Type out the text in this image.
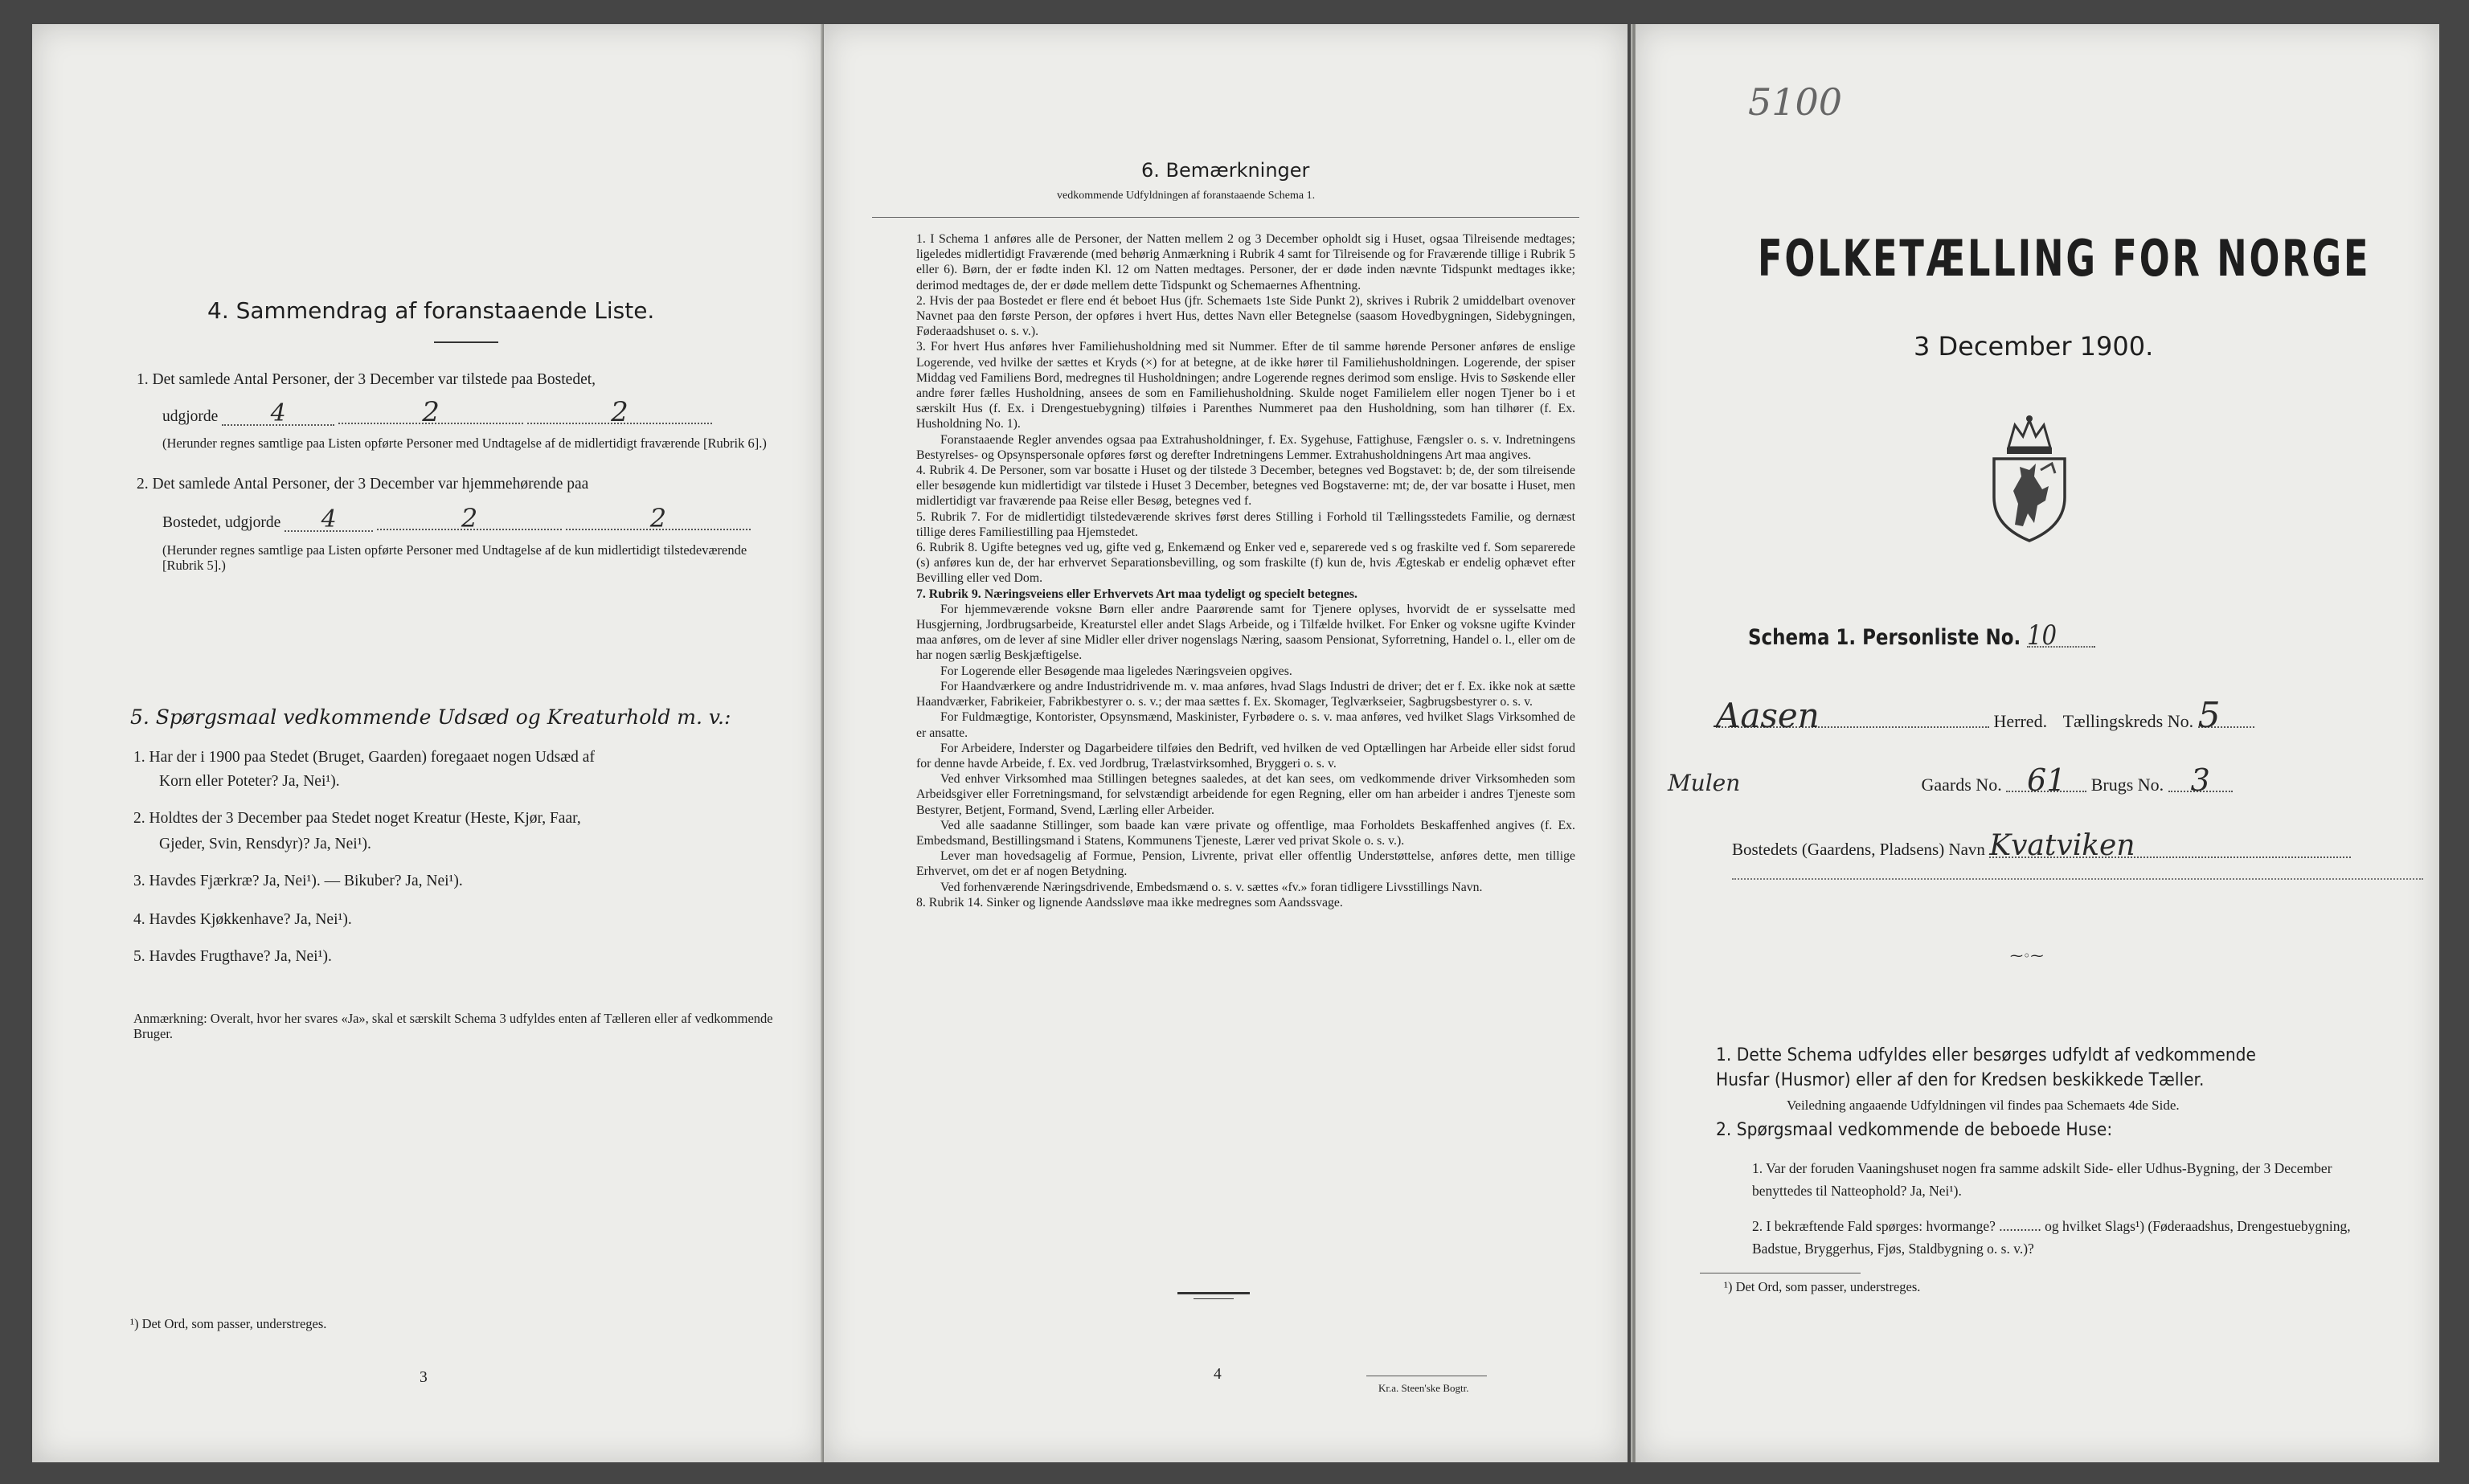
4. Sammendrag af foranstaaende Liste.
1. Det samlede Antal Personer, der 3 December var tilstede paa Bostedet,
udgjorde 4	2	2
(Herunder regnes samtlige paa Listen opførte Personer med Undtagelse af de midlertidigt fraværende [Rubrik 6].)
2. Det samlede Antal Personer, der 3 December var hjemmehørende paa
Bostedet, udgjorde 4	2	2
(Herunder regnes samtlige paa Listen opførte Personer med Undtagelse af de kun midlertidigt tilstedeværende [Rubrik 5].)
5. Spørgsmaal vedkommende Udsæd og Kreaturhold m. v.:
1. Har der i 1900 paa Stedet (Bruget, Gaarden) foregaaet nogen Udsæd af
Korn eller Poteter? Ja, Nei¹).
2. Holdtes der 3 December paa Stedet noget Kreatur (Heste, Kjør, Faar,
Gjeder, Svin, Rensdyr)? Ja, Nei¹).
3. Havdes Fjærkræ? Ja, Nei¹). — Bikuber? Ja, Nei¹).
4. Havdes Kjøkkenhave? Ja, Nei¹).
5. Havdes Frugthave? Ja, Nei¹).
Anmærkning: Overalt, hvor her svares «Ja», skal et særskilt Schema 3 udfyldes enten af Tælleren eller af vedkommende Bruger.
¹) Det Ord, som passer, understreges.
3
6. Bemærkninger
vedkommende Udfyldningen af foranstaaende Schema 1.

1. I Schema 1 anføres alle de Personer, der Natten mellem 2 og 3 December opholdt sig i Huset, ogsaa Tilreisende medtages; ligeledes midlertidigt Fraværende (med behørig Anmærkning i Rubrik 4 samt for Tilreisende og for Fraværende tillige i Rubrik 5 eller 6). Børn, der er fødte inden Kl. 12 om Natten medtages. Personer, der er døde inden nævnte Tidspunkt medtages ikke; derimod medtages de, der er døde mellem dette Tidspunkt og Schemaernes Afhentning.

2. Hvis der paa Bostedet er flere end ét beboet Hus (jfr. Schemaets 1ste Side Punkt 2), skrives i Rubrik 2 umiddelbart ovenover Navnet paa den første Person, der opføres i hvert Hus, dettes Navn eller Betegnelse (saasom Hovedbygningen, Sidebygningen, Føderaadshuset o. s. v.).

3. For hvert Hus anføres hver Familiehusholdning med sit Nummer. Efter de til samme hørende Personer anføres de enslige Logerende, ved hvilke der sættes et Kryds (×) for at betegne, at de ikke hører til Familiehusholdningen. Logerende, der spiser Middag ved Familiens Bord, medregnes til Husholdningen; andre Logerende regnes derimod som enslige. Hvis to Søskende eller andre fører fælles Husholdning, ansees de som en Familiehusholdning. Skulde noget Familielem eller nogen Tjener bo i et særskilt Hus (f. Ex. i Drengestuebygning) tilføies i Parenthes Nummeret paa den Husholdning, som han tilhører (f. Ex. Husholdning No. 1).

Foranstaaende Regler anvendes ogsaa paa Extrahusholdninger, f. Ex. Sygehuse, Fattighuse, Fængsler o. s. v. Indretningens Bestyrelses- og Opsynspersonale opføres først og derefter Indretningens Lemmer. Extrahusholdningens Art maa angives.

4. Rubrik 4. De Personer, som var bosatte i Huset og der tilstede 3 December, betegnes ved Bogstavet: b; de, der som tilreisende eller besøgende kun midlertidigt var tilstede i Huset 3 December, betegnes ved Bogstaverne: mt; de, der var bosatte i Huset, men midlertidigt var fraværende paa Reise eller Besøg, betegnes ved f.

5. Rubrik 7. For de midlertidigt tilstedeværende skrives først deres Stilling i Forhold til Tællingsstedets Familie, og dernæst tillige deres Familiestilling paa Hjemstedet.

6. Rubrik 8. Ugifte betegnes ved ug, gifte ved g, Enkemænd og Enker ved e, separerede ved s og fraskilte ved f. Som separerede (s) anføres kun de, der har erhvervet Separationsbevilling, og som fraskilte (f) kun de, hvis Ægteskab er endelig ophævet efter Bevilling eller ved Dom.

7. Rubrik 9. Næringsveiens eller Erhvervets Art maa tydeligt og specielt betegnes.

For hjemmeværende voksne Børn eller andre Paarørende samt for Tjenere oplyses, hvorvidt de er sysselsatte med Husgjerning, Jordbrugsarbeide, Kreaturstel eller andet Slags Arbeide, og i Tilfælde hvilket. For Enker og voksne ugifte Kvinder maa anføres, om de lever af sine Midler eller driver nogenslags Næring, saasom Pensionat, Syforretning, Handel o. l., eller om de har nogen særlig Beskjæftigelse.

For Logerende eller Besøgende maa ligeledes Næringsveien opgives.

For Haandværkere og andre Industridrivende m. v. maa anføres, hvad Slags Industri de driver; det er f. Ex. ikke nok at sætte Haandværker, Fabrikeier, Fabrikbestyrer o. s. v.; der maa sættes f. Ex. Skomager, Teglværkseier, Sagbrugsbestyrer o. s. v.

For Fuldmægtige, Kontorister, Opsynsmænd, Maskinister, Fyrbødere o. s. v. maa anføres, ved hvilket Slags Virksomhed de er ansatte.

For Arbeidere, Inderster og Dagarbeidere tilføies den Bedrift, ved hvilken de ved Optællingen har Arbeide eller sidst forud for denne havde Arbeide, f. Ex. ved Jordbrug, Trælastvirksomhed, Bryggeri o. s. v.

Ved enhver Virksomhed maa Stillingen betegnes saaledes, at det kan sees, om vedkommende driver Virksomheden som Arbeidsgiver eller Forretningsmand, for selvstændigt arbeidende for egen Regning, eller om han arbeider i andres Tjeneste som Bestyrer, Betjent, Formand, Svend, Lærling eller Arbeider.

Ved alle saadanne Stillinger, som baade kan være private og offentlige, maa Forholdets Beskaffenhed angives (f. Ex. Embedsmand, Bestillingsmand i Statens, Kommunens Tjeneste, Lærer ved privat Skole o. s. v.).

Lever man hovedsagelig af Formue, Pension, Livrente, privat eller offentlig Understøttelse, anføres dette, men tillige Erhvervet, om det er af nogen Betydning.

Ved forhenværende Næringsdrivende, Embedsmænd o. s. v. sættes «fv.» foran tidligere Livsstillings Navn.

8. Rubrik 14. Sinker og lignende Aandssløve maa ikke medregnes som Aandssvage.

4
Kr.a. Steen'ske Bogtr.
5100
FOLKETÆLLING FOR NORGE
3 December 1900.
Schema 1. Personliste No. 10
Aasen	Herred. Tællingskreds No. 5
Mulen	Gaards No. 61 Brugs No. 3
Bostedets (Gaardens, Pladsens) Navn Kvatviken
⁓◦⁓
1. Dette Schema udfyldes eller besørges udfyldt af vedkommende Husfar (Husmor) eller af den for Kredsen beskikkede Tæller.
Veiledning angaaende Udfyldningen vil findes paa Schemaets 4de Side.
2. Spørgsmaal vedkommende de beboede Huse:
1. Var der foruden Vaaningshuset nogen fra samme adskilt Side- eller Udhus-Bygning, der 3 December benyttedes til Natteophold? Ja, Nei¹).
2. I bekræftende Fald spørges: hvormange? ............ og hvilket Slags¹) (Føderaadshus, Drengestuebygning, Badstue, Bryggerhus, Fjøs, Staldbygning o. s. v.)?
¹) Det Ord, som passer, understreges.
